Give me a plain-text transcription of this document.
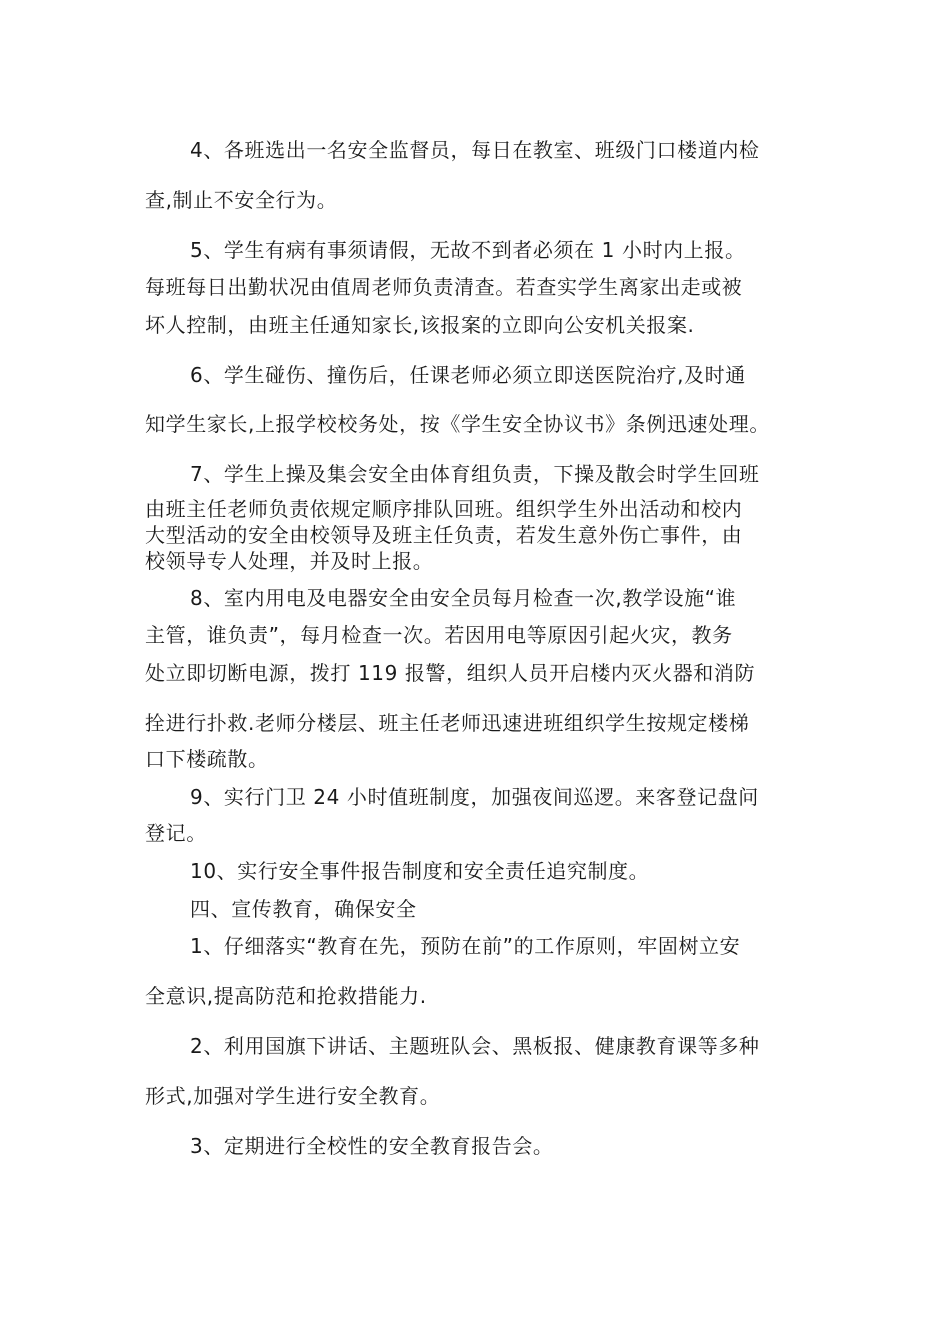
4、各班选出一名安全监督员，每日在教室、班级门口楼道内检
查,制止不安全行为。
5、学生有病有事须请假，无故不到者必须在 1 小时内上报。
每班每日出勤状况由值周老师负责清查。若查实学生离家出走或被
坏人控制，由班主任通知家长,该报案的立即向公安机关报案.
6、学生碰伤、撞伤后，任课老师必须立即送医院治疗,及时通
知学生家长,上报学校校务处，按《学生安全协议书》条例迅速处理。
7、学生上操及集会安全由体育组负责，下操及散会时学生回班
由班主任老师负责依规定顺序排队回班。组织学生外出活动和校内
大型活动的安全由校领导及班主任负责，若发生意外伤亡事件，由
校领导专人处理，并及时上报。
8、室内用电及电器安全由安全员每月检查一次,教学设施“谁
主管，谁负责”，每月检查一次。若因用电等原因引起火灾，教务
处立即切断电源，拨打 119 报警，组织人员开启楼内灭火器和消防
拴进行扑救.老师分楼层、班主任老师迅速进班组织学生按规定楼梯
口下楼疏散。
9、实行门卫 24 小时值班制度，加强夜间巡逻。来客登记盘问
登记。
10、实行安全事件报告制度和安全责任追究制度。
四、宣传教育，确保安全
1、仔细落实“教育在先，预防在前”的工作原则，牢固树立安
全意识,提高防范和抢救措能力.
2、利用国旗下讲话、主题班队会、黑板报、健康教育课等多种
形式,加强对学生进行安全教育。
3、定期进行全校性的安全教育报告会。
